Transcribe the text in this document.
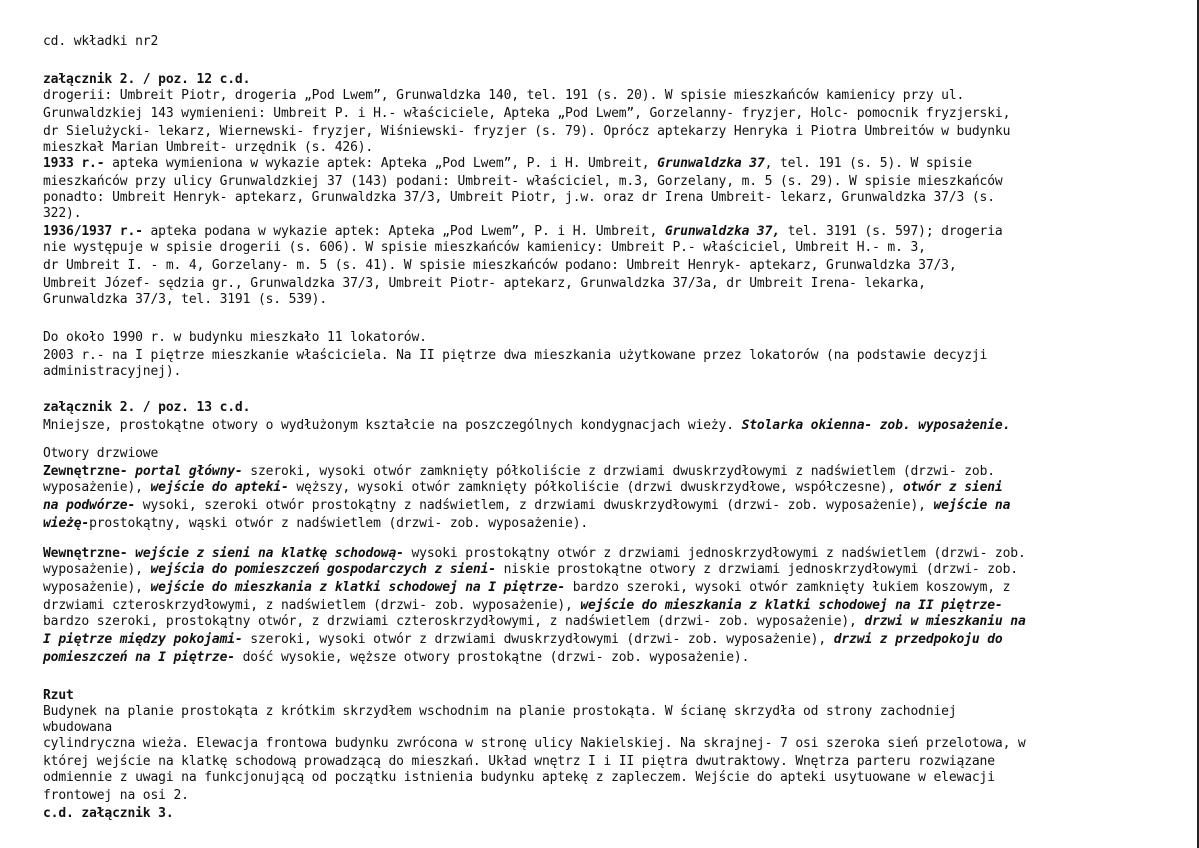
cd. wkładki nr2
załącznik 2. / poz. 12 c.d.
drogerii: Umbreit Piotr, drogeria „Pod Lwem”, Grunwaldzka 140, tel. 191 (s. 20). W spisie mieszkańców kamienicy przy ul.
Grunwaldzkiej 143 wymienieni: Umbreit P. i H.- właściciele, Apteka „Pod Lwem”, Gorzelanny- fryzjer, Holc- pomocnik fryzjerski,
dr Sielużycki- lekarz, Wiernewski- fryzjer, Wiśniewski- fryzjer (s. 79). Oprócz aptekarzy Henryka i Piotra Umbreitów w budynku
mieszkał Marian Umbreit- urzędnik (s. 426).
1933 r.- apteka wymieniona w wykazie aptek: Apteka „Pod Lwem”, P. i H. Umbreit, Grunwaldzka 37, tel. 191 (s. 5). W spisie
mieszkańców przy ulicy Grunwaldzkiej 37 (143) podani: Umbreit- właściciel, m.3, Gorzelany, m. 5 (s. 29). W spisie mieszkańców
ponadto: Umbreit Henryk- aptekarz, Grunwaldzka 37/3, Umbreit Piotr, j.w. oraz dr Irena Umbreit- lekarz, Grunwaldzka 37/3 (s.
322).
1936/1937 r.- apteka podana w wykazie aptek: Apteka „Pod Lwem”, P. i H. Umbreit, Grunwaldzka 37, tel. 3191 (s. 597); drogeria
nie występuje w spisie drogerii (s. 606). W spisie mieszkańców kamienicy: Umbreit P.- właściciel, Umbreit H.- m. 3,
dr Umbreit I. - m. 4, Gorzelany- m. 5 (s. 41). W spisie mieszkańców podano: Umbreit Henryk- aptekarz, Grunwaldzka 37/3,
Umbreit Józef- sędzia gr., Grunwaldzka 37/3, Umbreit Piotr- aptekarz, Grunwaldzka 37/3a, dr Umbreit Irena- lekarka,
Grunwaldzka 37/3, tel. 3191 (s. 539).
Do około 1990 r. w budynku mieszkało 11 lokatorów.
2003 r.- na I piętrze mieszkanie właściciela. Na II piętrze dwa mieszkania użytkowane przez lokatorów (na podstawie decyzji
administracyjnej).
załącznik 2. / poz. 13 c.d.
Mniejsze, prostokątne otwory o wydłużonym kształcie na poszczególnych kondygnacjach wieży. Stolarka okienna- zob. wyposażenie.
Otwory drzwiowe
Zewnętrzne- portal główny- szeroki, wysoki otwór zamknięty półkoliście z drzwiami dwuskrzydłowymi z nadświetlem (drzwi- zob.
wyposażenie), wejście do apteki- węższy, wysoki otwór zamknięty półkoliście (drzwi dwuskrzydłowe, współczesne), otwór z sieni
na podwórze- wysoki, szeroki otwór prostokątny z nadświetlem, z drzwiami dwuskrzydłowymi (drzwi- zob. wyposażenie), wejście na
wieżę-prostokątny, wąski otwór z nadświetlem (drzwi- zob. wyposażenie).
Wewnętrzne- wejście z sieni na klatkę schodową- wysoki prostokątny otwór z drzwiami jednoskrzydłowymi z nadświetlem (drzwi- zob.
wyposażenie), wejścia do pomieszczeń gospodarczych z sieni- niskie prostokątne otwory z drzwiami jednoskrzydłowymi (drzwi- zob.
wyposażenie), wejście do mieszkania z klatki schodowej na I piętrze- bardzo szeroki, wysoki otwór zamknięty łukiem koszowym, z
drzwiami czteroskrzydłowymi, z nadświetlem (drzwi- zob. wyposażenie), wejście do mieszkania z klatki schodowej na II piętrze-
bardzo szeroki, prostokątny otwór, z drzwiami czteroskrzydłowymi, z nadświetlem (drzwi- zob. wyposażenie), drzwi w mieszkaniu na
I piętrze między pokojami- szeroki, wysoki otwór z drzwiami dwuskrzydłowymi (drzwi- zob. wyposażenie), drzwi z przedpokoju do
pomieszczeń na I piętrze- dość wysokie, węższe otwory prostokątne (drzwi- zob. wyposażenie).
Rzut
Budynek na planie prostokąta z krótkim skrzydłem wschodnim na planie prostokąta. W ścianę skrzydła od strony zachodniej
wbudowana
cylindryczna wieża. Elewacja frontowa budynku zwrócona w stronę ulicy Nakielskiej. Na skrajnej- 7 osi szeroka sień przelotowa, w
której wejście na klatkę schodową prowadzącą do mieszkań. Układ wnętrz I i II piętra dwutraktowy. Wnętrza parteru rozwiązane
odmiennie z uwagi na funkcjonującą od początku istnienia budynku aptekę z zapleczem. Wejście do apteki usytuowane w elewacji
frontowej na osi 2.
c.d. załącznik 3.
